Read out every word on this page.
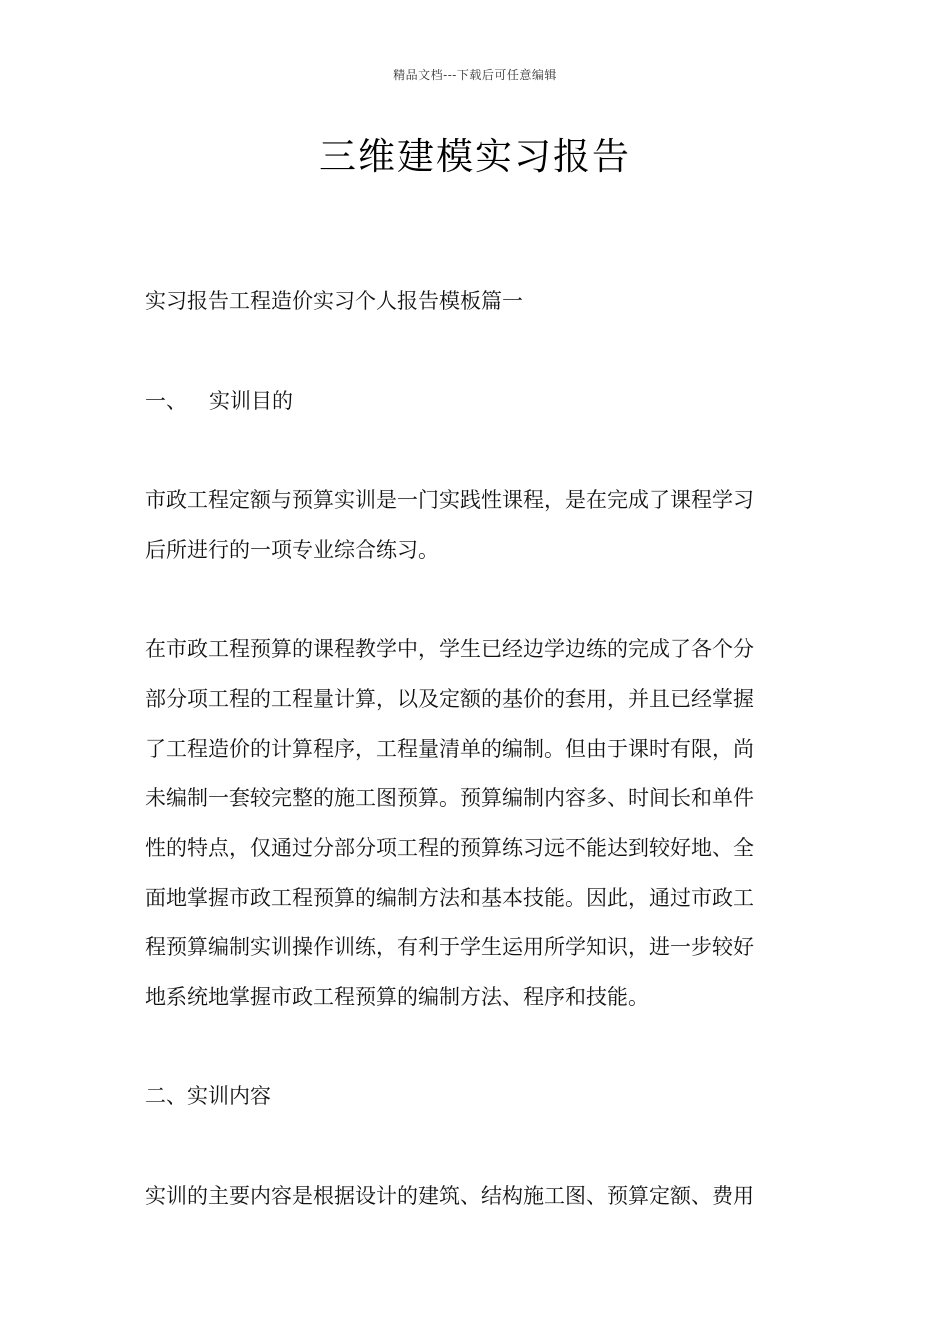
精品文档---下载后可任意编辑
三维建模实习报告
实习报告工程造价实习个人报告模板篇一
一、 实训目的
市政工程定额与预算实训是一门实践性课程，是在完成了课程学习
后所进行的一项专业综合练习。
在市政工程预算的课程教学中，学生已经边学边练的完成了各个分
部分项工程的工程量计算，以及定额的基价的套用，并且已经掌握
了工程造价的计算程序，工程量清单的编制。但由于课时有限，尚
未编制一套较完整的施工图预算。预算编制内容多、时间长和单件
性的特点，仅通过分部分项工程的预算练习远不能达到较好地、全
面地掌握市政工程预算的编制方法和基本技能。因此，通过市政工
程预算编制实训操作训练，有利于学生运用所学知识，进一步较好
地系统地掌握市政工程预算的编制方法、程序和技能。
二、实训内容
实训的主要内容是根据设计的建筑、结构施工图、预算定额、费用
